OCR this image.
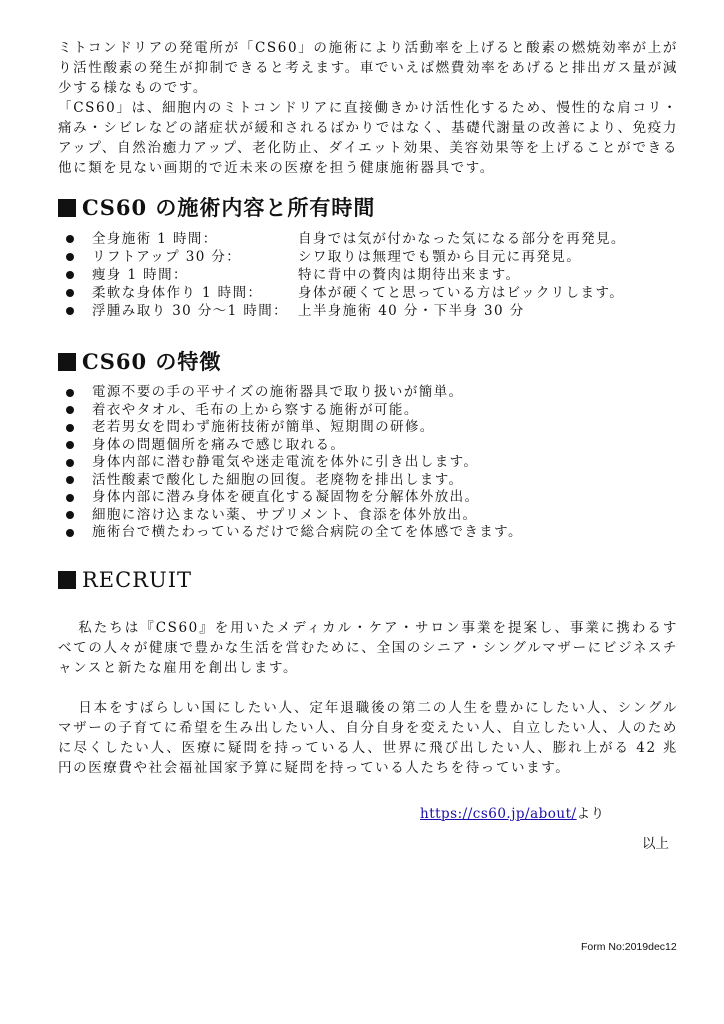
ミトコンドリアの発電所が「CS60」の施術により活動率を上げると酸素の燃焼効率が上がり活性酸素の発生が抑制できると考えます。車でいえば燃費効率をあげると排出ガス量が減少する様なものです。

「CS60」は、細胞内のミトコンドリアに直接働きかけ活性化するため、慢性的な肩コリ・痛み・シビレなどの諸症状が緩和されるばかりではなく、基礎代謝量の改善により、免疫力アップ、自然治癒力アップ、老化防止、ダイエット効果、美容効果等を上げることができる他に類を見ない画期的で近未来の医療を担う健康施術器具です。

CS60 の施術内容と所有時間
全身施術 1 時間：	自身では気が付かなった気になる部分を再発見。
リフトアップ 30 分：	シワ取りは無理でも顎から目元に再発見。
痩身 1 時間：	特に背中の贅肉は期待出来ます。
柔軟な身体作り 1 時間：	身体が硬くてと思っている方はビックリします。
浮腫み取り 30 分～1 時間： 上半身施術 40 分・下半身 30 分
CS60 の特徴
電源不要の手の平サイズの施術器具で取り扱いが簡単。
着衣やタオル、毛布の上から察する施術が可能。
老若男女を問わず施術技術が簡単、短期間の研修。
身体の問題個所を痛みで感じ取れる。
身体内部に潜む静電気や迷走電流を体外に引き出します。
活性酸素で酸化した細胞の回復。老廃物を排出します。
身体内部に潜み身体を硬直化する凝固物を分解体外放出。
細胞に溶け込まない薬、サプリメント、食添を体外放出。
施術台で横たわっているだけで総合病院の全てを体感できます。
RECRUIT

私たちは『CS60』を用いたメディカル・ケア・サロン事業を提案し、事業に携わるすべての人々が健康で豊かな生活を営むために、全国のシニア・シングルマザーにビジネスチャンスと新たな雇用を創出します。

日本をすばらしい国にしたい人、定年退職後の第二の人生を豊かにしたい人、シングルマザーの子育てに希望を生み出したい人、自分自身を変えたい人、自立したい人、人のために尽くしたい人、医療に疑問を持っている人、世界に飛び出したい人、膨れ上がる 42 兆円の医療費や社会福祉国家予算に疑問を持っている人たちを待っています。

https://cs60.jp/about/より
以上
Form No:2019dec12
